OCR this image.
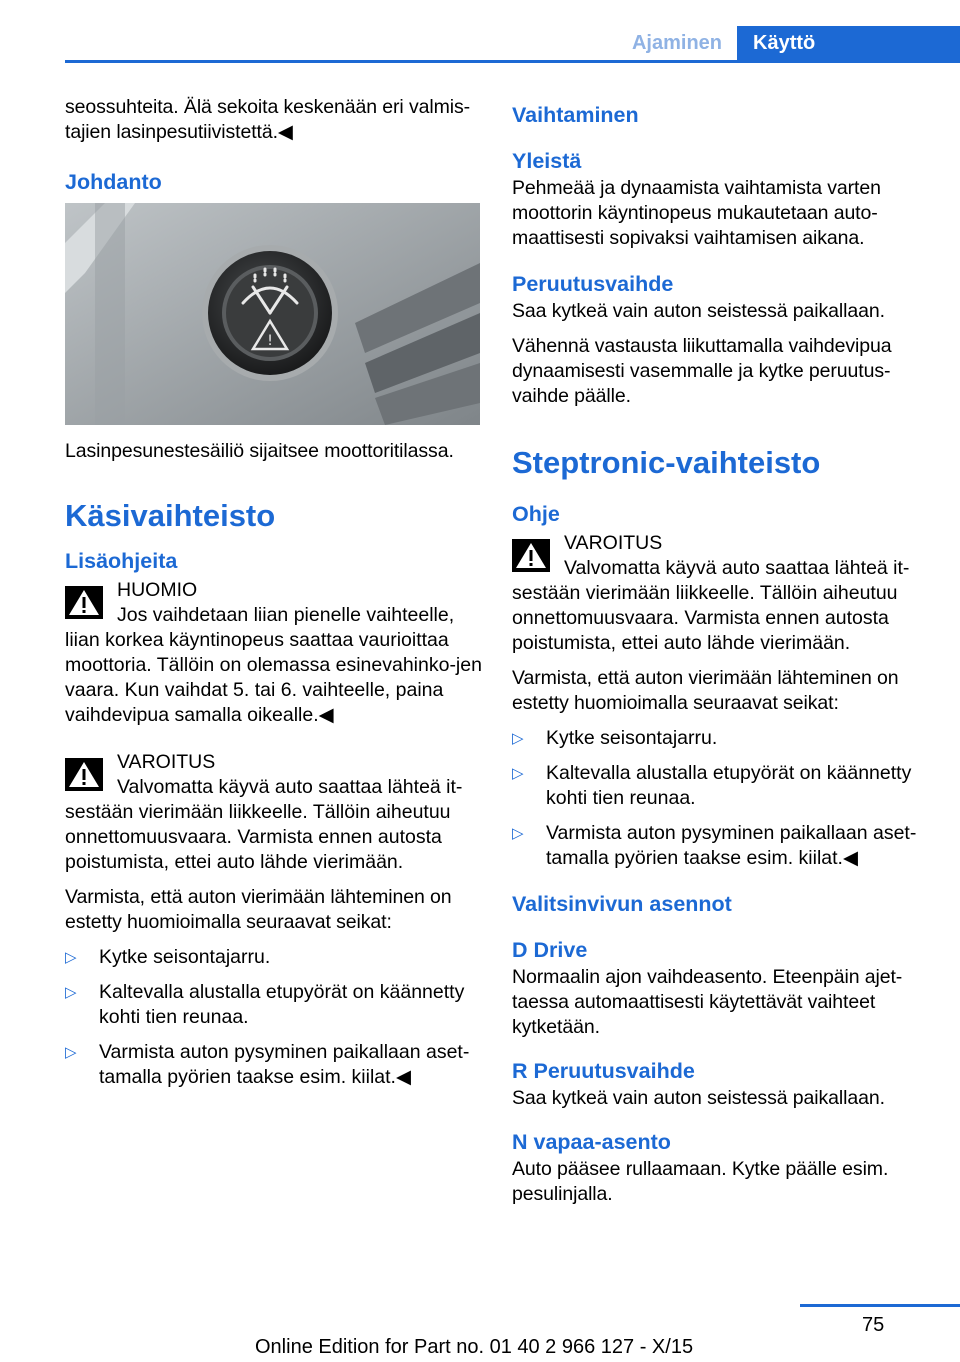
Ajaminen	Käyttö

seossuhteita. Älä sekoita keskenään eri valmis-tajien lasinpesutiivistettä.◀

Johdanto
!

Lasinpesunestesäiliö sijaitsee moottoritilassa.

Käsivaihteisto
Lisäohjeita
HUOMIO
Jos vaihdetaan liian pienelle vaihteelle,

liian korkea käyntinopeus saattaa vaurioittaa moottoria. Tällöin on olemassa esinevahinko-jen vaara. Kun vaihdat 5. tai 6. vaihteelle, paina vaihdevipua samalla oikealle.◀

VAROITUS
Valvomatta käyvä auto saattaa lähteä it-

sestään vierimään liikkeelle. Tällöin aiheutuu onnettomuusvaara. Varmista ennen autosta poistumista, ettei auto lähde vierimään.

Varmista, että auton vierimään lähteminen on estetty huomioimalla seuraavat seikat:

▷ Kytke seisontajarru.
▷ Kaltevalla alustalla etupyörät on käännetty kohti tien reunaa.
▷ Varmista auton pysyminen paikallaan aset-tamalla pyörien taakse esim. kiilat.◀
Vaihtaminen
Yleistä

Pehmeää ja dynaamista vaihtamista varten moottorin käyntinopeus mukautetaan auto-maattisesti sopivaksi vaihtamisen aikana.

Peruutusvaihde

Saa kytkeä vain auton seistessä paikallaan.

Vähennä vastausta liikuttamalla vaihdevipua dynaamisesti vasemmalle ja kytke peruutus-vaihde päälle.

Steptronic-vaihteisto
Ohje
VAROITUS
Valvomatta käyvä auto saattaa lähteä it-

sestään vierimään liikkeelle. Tällöin aiheutuu onnettomuusvaara. Varmista ennen autosta poistumista, ettei auto lähde vierimään.

Varmista, että auton vierimään lähteminen on estetty huomioimalla seuraavat seikat:

▷ Kytke seisontajarru.
▷ Kaltevalla alustalla etupyörät on käännetty kohti tien reunaa.
▷ Varmista auton pysyminen paikallaan aset-tamalla pyörien taakse esim. kiilat.◀
Valitsinvivun asennot
D Drive

Normaalin ajon vaihdeasento. Eteenpäin ajet-taessa automaattisesti käytettävät vaihteet kytketään.

R Peruutusvaihde

Saa kytkeä vain auton seistessä paikallaan.

N vapaa-asento

Auto pääsee rullaamaan. Kytke päälle esim. pesulinjalla.

75
Online Edition for Part no. 01 40 2 966 127 - X/15
